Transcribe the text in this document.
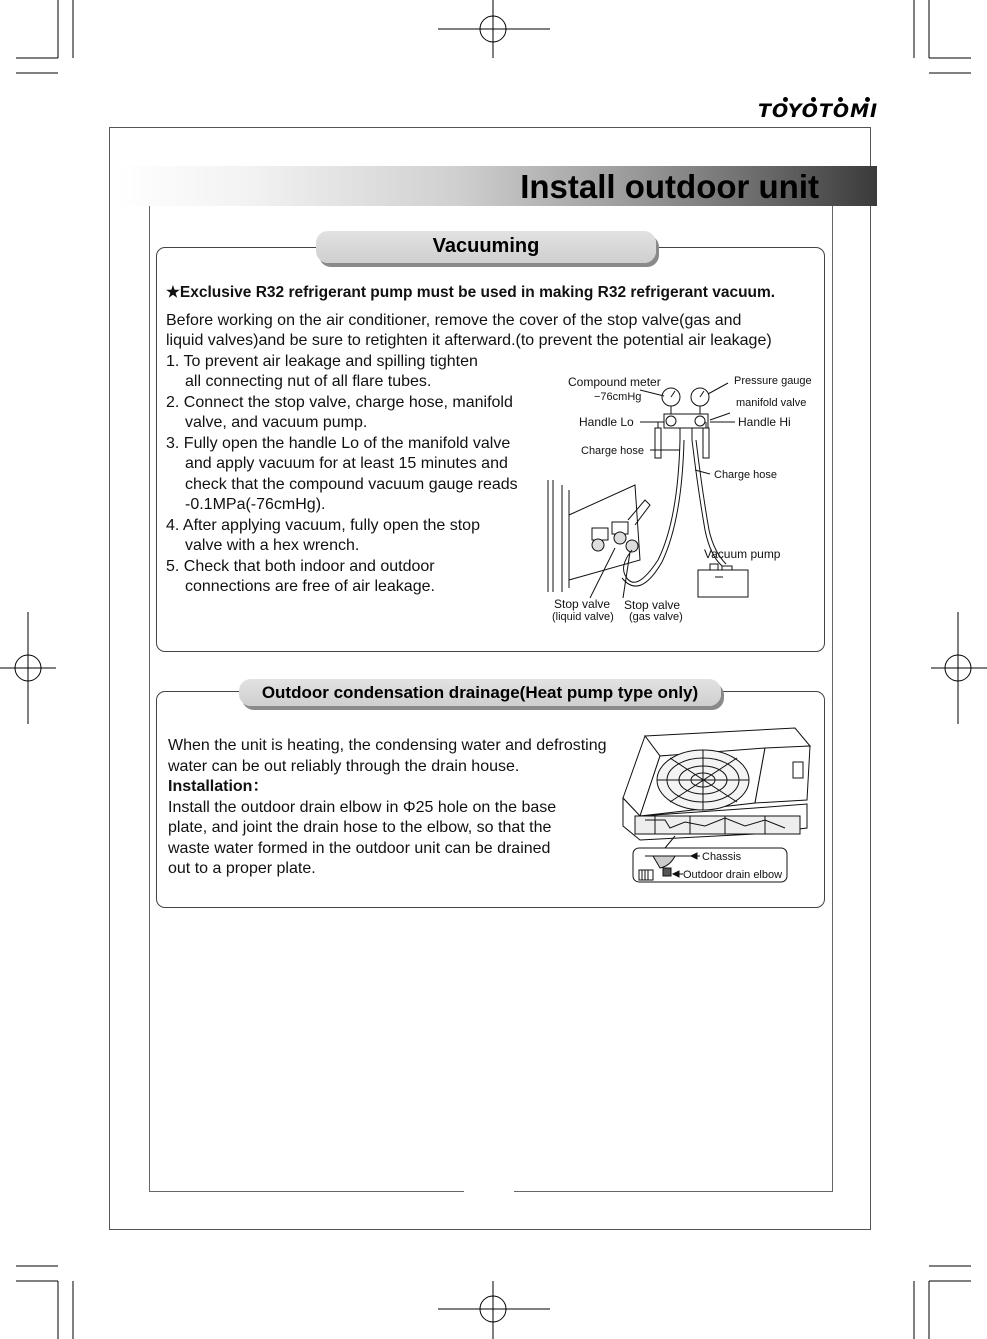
TOYOTOMI
Install outdoor unit
Vacuuming
★Exclusive R32 refrigerant pump must be used in making R32 refrigerant vacuum.
Before working on the air conditioner, remove the cover of the stop valve(gas and
liquid valves)and be sure to retighten it afterward.(to prevent the potential air leakage)
1. To prevent air leakage and spilling tighten
all connecting nut of all flare tubes.
2. Connect the stop valve, charge hose, manifold
valve, and vacuum pump.
3. Fully open the handle Lo of the manifold valve
and apply vacuum for at least 15 minutes and
check that the compound vacuum gauge reads
-0.1MPa(-76cmHg).
4. After applying vacuum, fully open the stop
valve with a hex wrench.
5. Check that both indoor and outdoor
connections are free of air leakage.
Compound meter
−76cmHg
Pressure gauge
manifold valve
Handle Lo	Handle Hi
Charge hose
Charge hose
Vacuum pump
Stop valve
(liquid valve)
Stop valve
(gas valve)
Outdoor condensation drainage(Heat pump type only)
When the unit is heating, the condensing water and defrosting
water can be out reliably through the drain house.
Installation：
Install the outdoor drain elbow in Φ25 hole on the base
plate, and joint the drain hose to the elbow, so that the
waste water formed in the outdoor unit can be drained
out to a proper plate.
Chassis
Outdoor drain elbow
